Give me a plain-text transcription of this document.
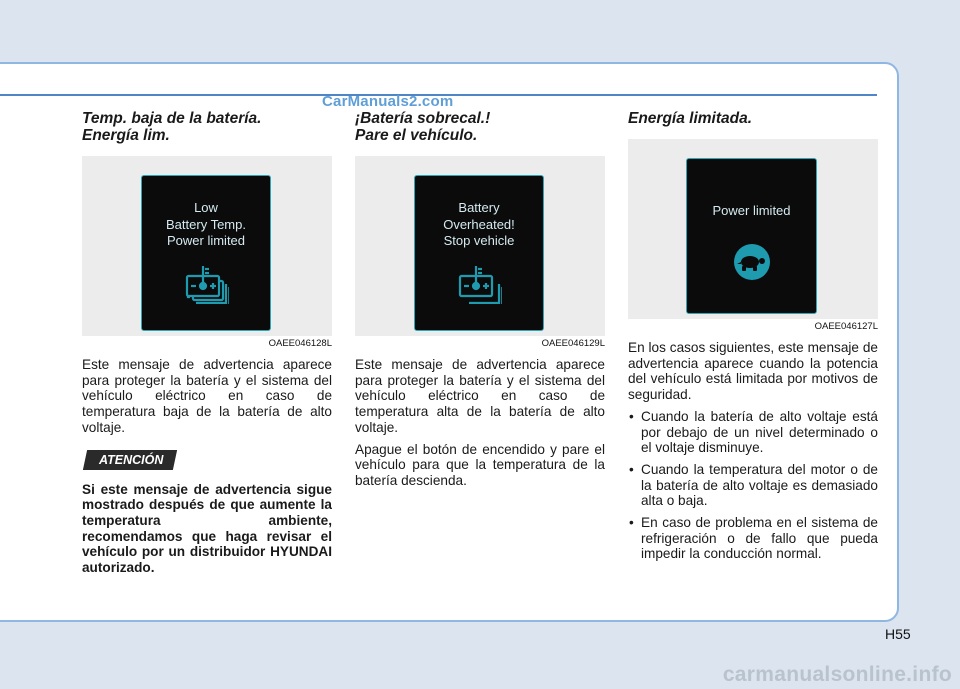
CarManuals2.com
Temp. baja de la batería.
Energía lim.
Low
Battery Temp.
Power limited
OAEE046128L

Este mensaje de advertencia aparece para proteger la batería y el sistema del vehículo eléctrico en caso de temperatura baja de la batería de alto voltaje.

ATENCIÓN
Si este mensaje de advertencia sigue mostrado después de que aumente la temperatura ambiente, recomendamos que haga revisar el vehículo por un distribuidor HYUNDAI autorizado.
¡Batería sobrecal.!
Pare el vehículo.
Battery
Overheated!
Stop vehicle
OAEE046129L

Este mensaje de advertencia aparece para proteger la batería y el sistema del vehículo eléctrico en caso de temperatura alta de la batería de alto voltaje.

Apague el botón de encendido y pare el vehículo para que la temperatura de la batería descienda.

Energía limitada.
Power limited
OAEE046127L

En los casos siguientes, este mensaje de advertencia aparece cuando la potencia del vehículo está limitada por motivos de seguridad.

• Cuando la batería de alto voltaje está por debajo de un nivel determinado o el voltaje disminuye.
• Cuando la temperatura del motor o de la batería de alto voltaje es demasiado alta o baja.
• En caso de problema en el sistema de refrigeración o de fallo que pueda impedir la conducción normal.
H55
carmanualsonline.info
